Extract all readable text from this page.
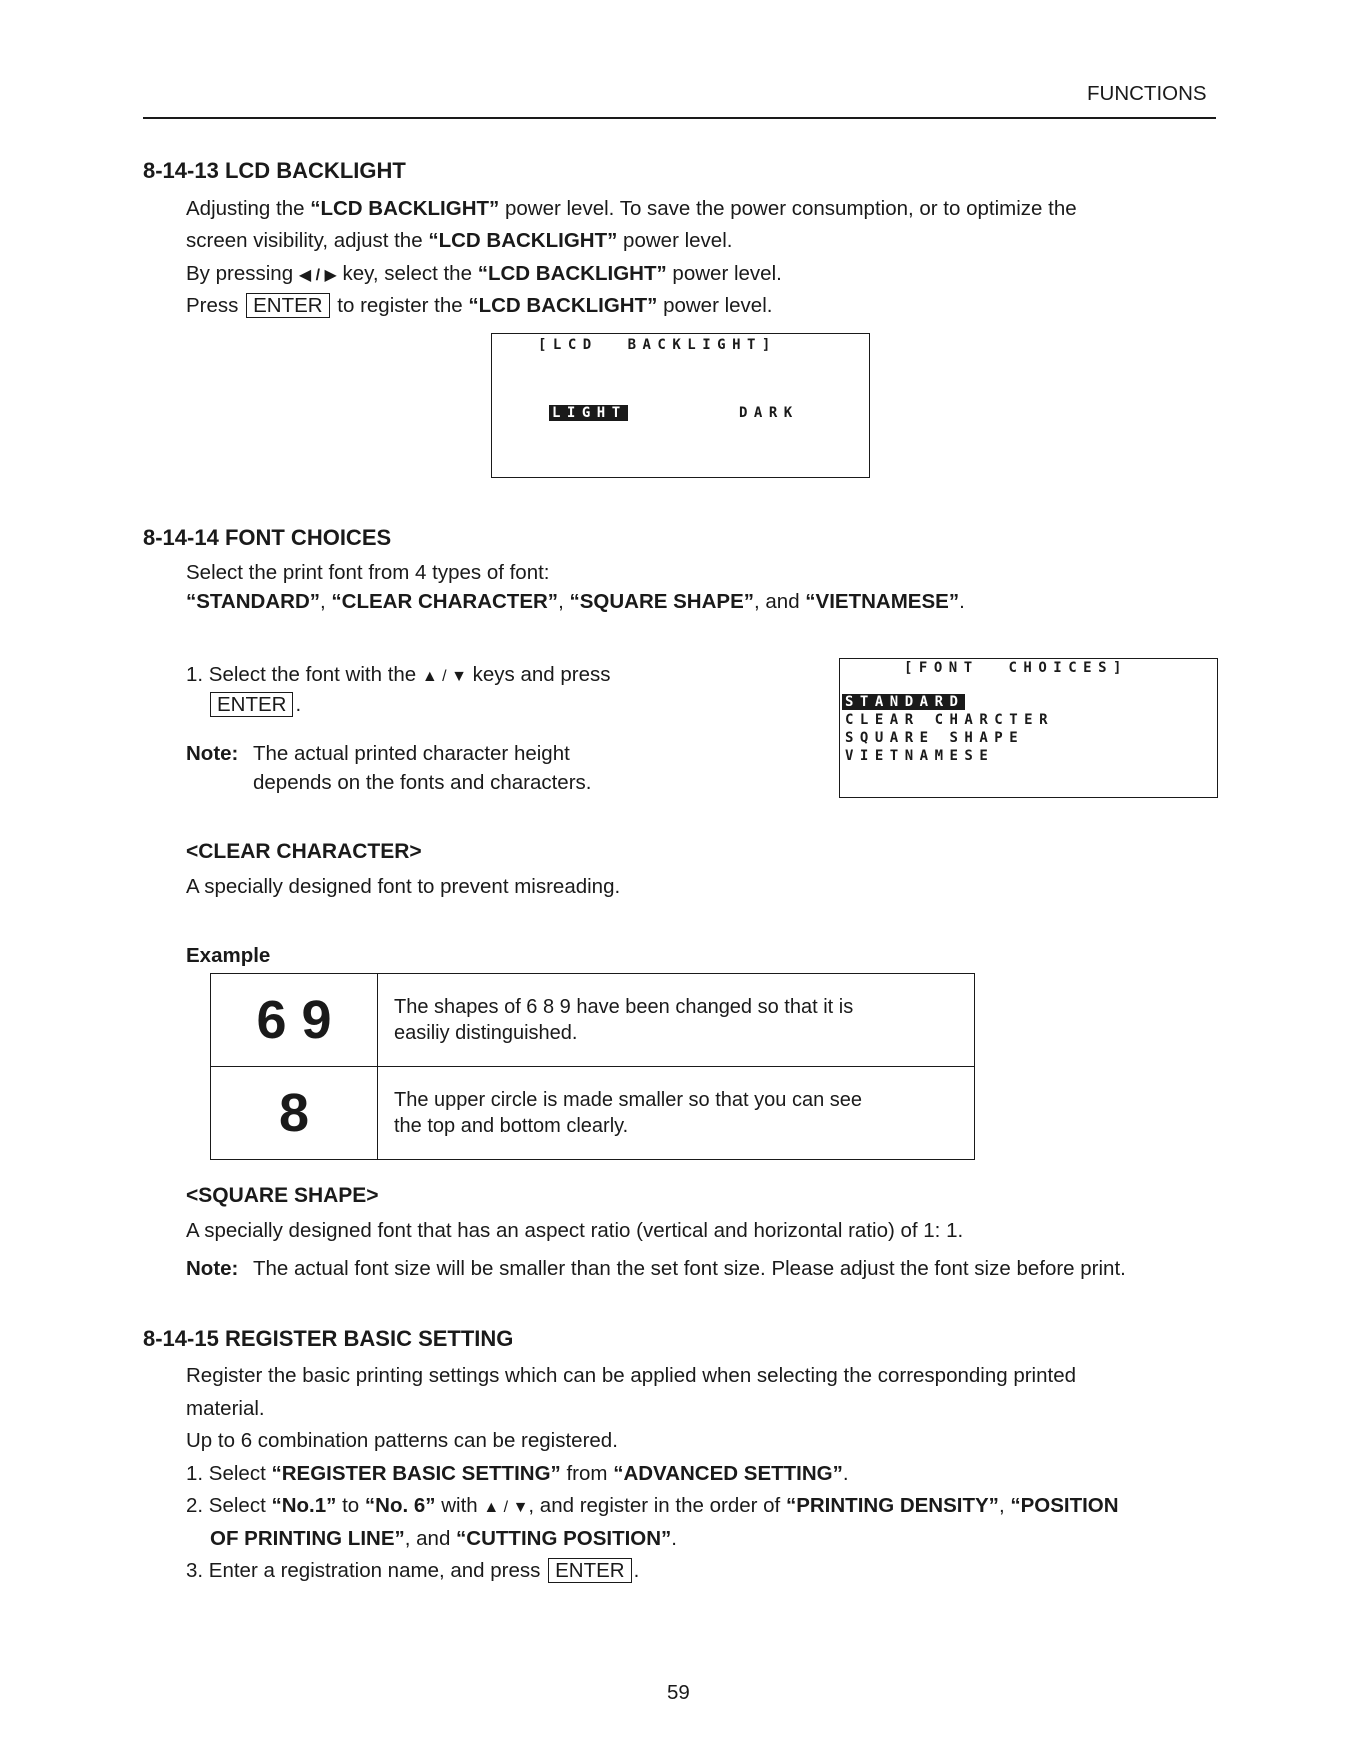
FUNCTIONS
8-14-13 LCD BACKLIGHT
Adjusting the “LCD BACKLIGHT” power level. To save the power consumption, or to optimize the
screen visibility, adjust the “LCD BACKLIGHT” power level.
By pressing ◀ / ▶ key, select the “LCD BACKLIGHT” power level.
Press ENTER to register the “LCD BACKLIGHT” power level.
[LCD  BACKLIGHT]
LIGHT	DARK
8-14-14 FONT CHOICES
Select the print font from 4 types of font:
“STANDARD”, “CLEAR CHARACTER”, “SQUARE SHAPE”, and “VIETNAMESE”.
1. Select the font with the ▲ / ▼ keys and press
ENTER .
Note: The actual printed character height
depends on the fonts and characters.
[FONT  CHOICES]
STANDARD
CLEAR CHARCTER
SQUARE SHAPE
VIETNAMESE
<CLEAR CHARACTER>
A specially designed font to prevent misreading.
Example
6 9	The shapes of 6 8 9 have been changed so that it is
easiliy distinguished.

8	The upper circle is made smaller so that you can see
the top and bottom clearly.
<SQUARE SHAPE>
A specially designed font that has an aspect ratio (vertical and horizontal ratio) of 1: 1.
Note: The actual font size will be smaller than the set font size. Please adjust the font size before print.
8-14-15 REGISTER BASIC SETTING
Register the basic printing settings which can be applied when selecting the corresponding printed
material.
Up to 6 combination patterns can be registered.
1. Select “REGISTER BASIC SETTING” from “ADVANCED SETTING”.
2. Select “No.1” to “No. 6” with ▲ / ▼, and register in the order of “PRINTING DENSITY”, “POSITION
OF PRINTING LINE”, and “CUTTING POSITION”.
3. Enter a registration name, and press ENTER .
59
